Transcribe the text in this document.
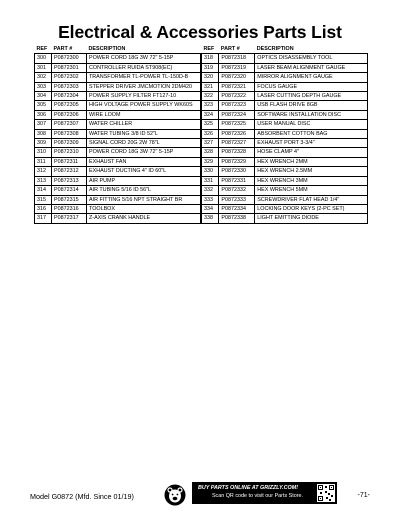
Electrical & Accessories Parts List
REF	PART #	DESCRIPTION
300	P0872300	POWER CORD 18G 3W 72" 5-15P
301	P0872301	CONTROLLER RUIDA ST908(EC)
302	P0872302	TRANSFORMER TL-POWER TL-150D-B
303	P0872303	STEPPER DRIVER JMCMOTION 2DM420
304	P0872304	POWER SUPPLY FILTER FT127-10
305	P0872305	HIGH VOLTAGE POWER SUPPLY WK60S
306	P0872306	WIRE LOOM
307	P0872307	WATER CHILLER
308	P0872308	WATER TUBING 3/8 ID 52"L
309	P0872309	SIGNAL CORD 20G 2W 78"L
310	P0872310	POWER CORD 18G 3W 72" 5-15P
311	P0872311	EXHAUST FAN
312	P0872312	EXHAUST DUCTING 4" ID 60"L
313	P0872313	AIR PUMP
314	P0872314	AIR TUBING 5/16 ID 56"L
315	P0872315	AIR FITTING 5/16 NPT STRAIGHT BR
316	P0872316	TOOLBOX
317	P0872317	Z-AXIS CRANK HANDLE
REF	PART #	DESCRIPTION
318	P0872318	OPTICS DISASSEMBLY TOOL
319	P0872319	LASER BEAM ALIGNMENT GAUGE
320	P0872320	MIRROR ALIGNMENT GAUGE
321	P0872321	FOCUS GAUGE
322	P0872322	LASER CUTTING DEPTH GAUGE
323	P0872323	USB FLASH DRIVE 8GB
324	P0872324	SOFTWARE INSTALLATION DISC
325	P0872325	USER MANUAL DISC
326	P0872326	ABSORBENT COTTON BAG
327	P0872327	EXHAUST PORT 3-3/4"
328	P0872328	HOSE CLAMP 4"
329	P0872329	HEX WRENCH 2MM
330	P0872330	HEX WRENCH 2.5MM
331	P0872331	HEX WRENCH 3MM
332	P0872332	HEX WRENCH 5MM
333	P0872333	SCREWDRIVER FLAT HEAD 1/4"
334	P0872334	LOCKING DOOR KEYS (2-PC SET)
338	P0872338	LIGHT EMITTING DIODE
Model G0872 (Mfd. Since 01/19)
BUY PARTS ONLINE AT GRIZZLY.COM!
Scan QR code to visit our Parts Store.	-71-
